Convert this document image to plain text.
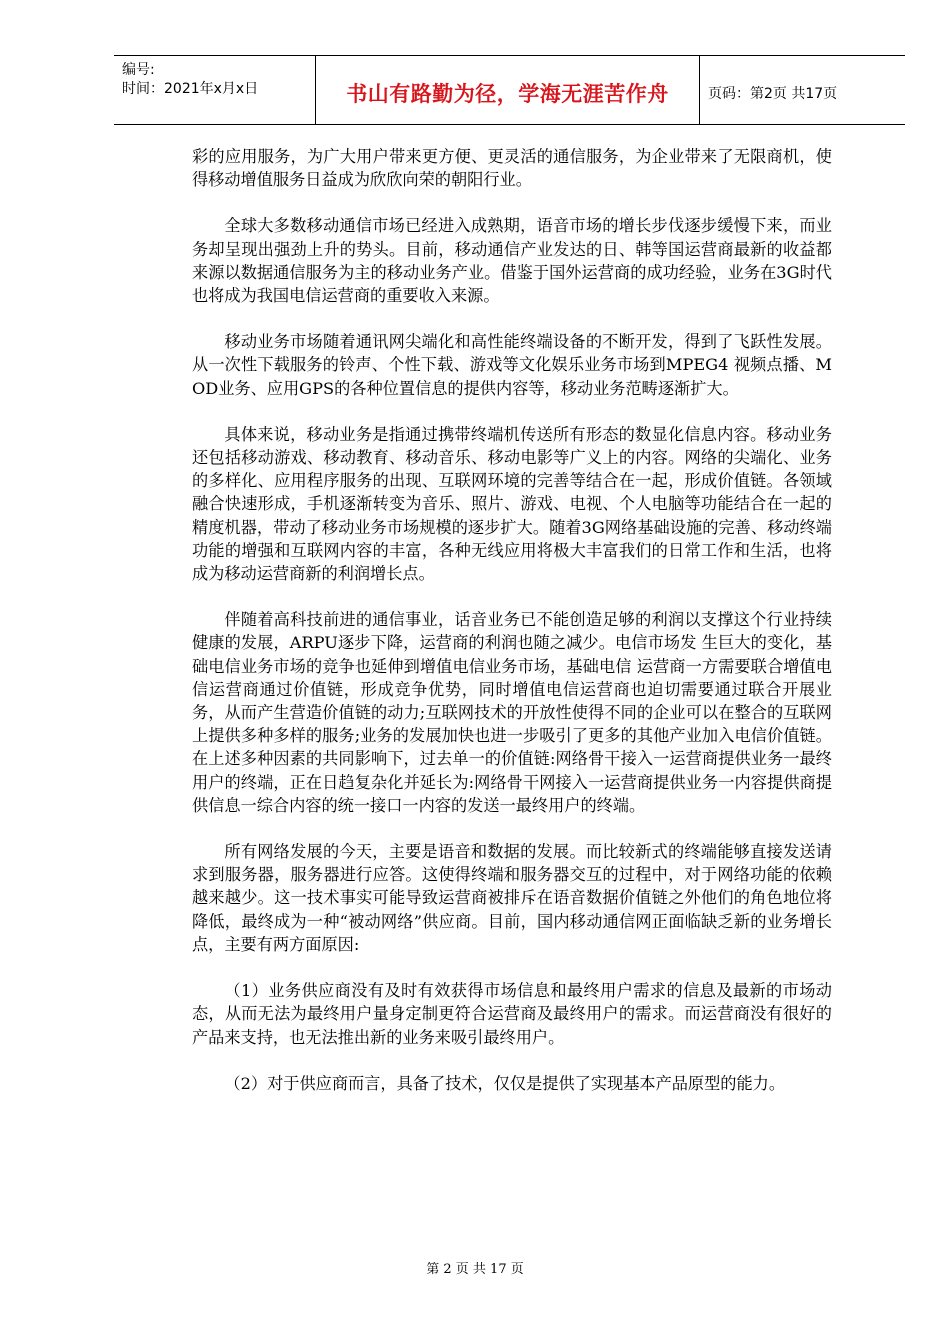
编号:
时间：2021年x月x日	书山有路勤为径，学海无涯苦作舟	页码：第2页 共17页

彩的应用服务，为广大用户带来更方便、更灵活的通信服务，为企业带来了无限商机，使得移动增值服务日益成为欣欣向荣的朝阳行业。

全球大多数移动通信市场已经进入成熟期，语音市场的增长步伐逐步缓慢下来，而业务却呈现出强劲上升的势头。目前，移动通信产业发达的日、韩等国运营商最新的收益都来源以数据通信服务为主的移动业务产业。借鉴于国外运营商的成功经验，业务在3G时代也将成为我国电信运营商的重要收入来源。

移动业务市场随着通讯网尖端化和高性能终端设备的不断开发，得到了飞跃性发展。从一次性下载服务的铃声、个性下载、游戏等文化娱乐业务市场到MPEG4 视频点播、MOD业务、应用GPS的各种位置信息的提供内容等，移动业务范畴逐渐扩大。

具体来说，移动业务是指通过携带终端机传送所有形态的数显化信息内容。移动业务还包括移动游戏、移动教育、移动音乐、移动电影等广义上的内容。网络的尖端化、业务的多样化、应用程序服务的出现、互联网环境的完善等结合在一起，形成价值链。各领域融合快速形成，手机逐渐转变为音乐、照片、游戏、电视、个人电脑等功能结合在一起的精度机器，带动了移动业务市场规模的逐步扩大。随着3G网络基础设施的完善、移动终端功能的增强和互联网内容的丰富，各种无线应用将极大丰富我们的日常工作和生活，也将成为移动运营商新的利润增长点。

伴随着高科技前进的通信事业，话音业务已不能创造足够的利润以支撑这个行业持续健康的发展，ARPU逐步下降，运营商的利润也随之减少。电信市场发 生巨大的变化，基础电信业务市场的竞争也延伸到增值电信业务市场，基础电信 运营商一方需要联合增值电信运营商通过价值链，形成竞争优势，同时增值电信运营商也迫切需要通过联合开展业务，从而产生营造价值链的动力;互联网技术的开放性使得不同的企业可以在整合的互联网上提供多种多样的服务;业务的发展加快也进一步吸引了更多的其他产业加入电信价值链。在上述多种因素的共同影响下，过去单一的价值链:网络骨干接入一运营商提供业务一最终用户的终端，正在日趋复杂化并延长为:网络骨干网接入一运营商提供业务一内容提供商提供信息一综合内容的统一接口一内容的发送一最终用户的终端。

所有网络发展的今天，主要是语音和数据的发展。而比较新式的终端能够直接发送请求到服务器，服务器进行应答。这使得终端和服务器交互的过程中，对于网络功能的依赖越来越少。这一技术事实可能导致运营商被排斥在语音数据价值链之外他们的角色地位将降低，最终成为一种“被动网络”供应商。目前，国内移动通信网正面临缺乏新的业务增长点，主要有两方面原因:

（1）业务供应商没有及时有效获得市场信息和最终用户需求的信息及最新的市场动态，从而无法为最终用户量身定制更符合运营商及最终用户的需求。而运营商没有很好的产品来支持，也无法推出新的业务来吸引最终用户。

（2）对于供应商而言，具备了技术，仅仅是提供了实现基本产品原型的能力。

第 2 页 共 17 页
